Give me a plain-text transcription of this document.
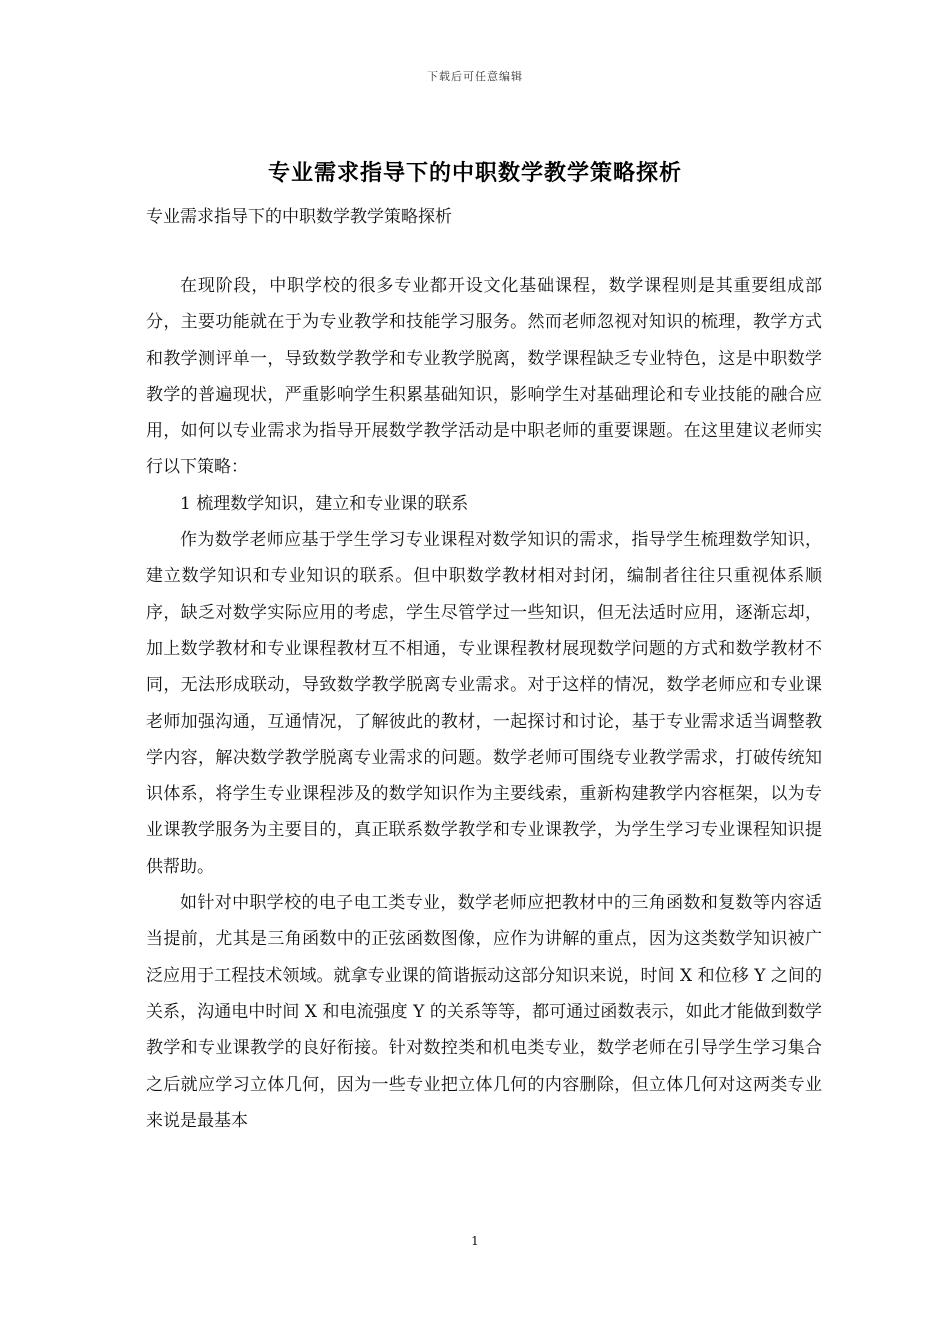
下载后可任意编辑
专业需求指导下的中职数学教学策略探析
专业需求指导下的中职数学教学策略探析

在现阶段，中职学校的很多专业都开设文化基础课程，数学课程则是其重要组成部分，主要功能就在于为专业教学和技能学习服务。然而老师忽视对知识的梳理，教学方式和教学测评单一，导致数学教学和专业教学脱离，数学课程缺乏专业特色，这是中职数学教学的普遍现状，严重影响学生积累基础知识，影响学生对基础理论和专业技能的融合应用，如何以专业需求为指导开展数学教学活动是中职老师的重要课题。在这里建议老师实行以下策略：

1 梳理数学知识，建立和专业课的联系

作为数学老师应基于学生学习专业课程对数学知识的需求，指导学生梳理数学知识，建立数学知识和专业知识的联系。但中职数学教材相对封闭，编制者往往只重视体系顺序，缺乏对数学实际应用的考虑，学生尽管学过一些知识，但无法适时应用，逐渐忘却，加上数学教材和专业课程教材互不相通，专业课程教材展现数学问题的方式和数学教材不同，无法形成联动，导致数学教学脱离专业需求。对于这样的情况，数学老师应和专业课老师加强沟通，互通情况，了解彼此的教材，一起探讨和讨论，基于专业需求适当调整教学内容，解决数学教学脱离专业需求的问题。数学老师可围绕专业教学需求，打破传统知识体系，将学生专业课程涉及的数学知识作为主要线索，重新构建教学内容框架，以为专业课教学服务为主要目的，真正联系数学教学和专业课教学，为学生学习专业课程知识提供帮助。

如针对中职学校的电子电工类专业，数学老师应把教材中的三角函数和复数等内容适当提前，尤其是三角函数中的正弦函数图像，应作为讲解的重点，因为这类数学知识被广泛应用于工程技术领域。就拿专业课的简谐振动这部分知识来说，时间 X 和位移 Y 之间的关系，沟通电中时间 X 和电流强度 Y 的关系等等，都可通过函数表示，如此才能做到数学教学和专业课教学的良好衔接。针对数控类和机电类专业，数学老师在引导学生学习集合之后就应学习立体几何，因为一些专业把立体几何的内容删除，但立体几何对这两类专业来说是最基本

1
